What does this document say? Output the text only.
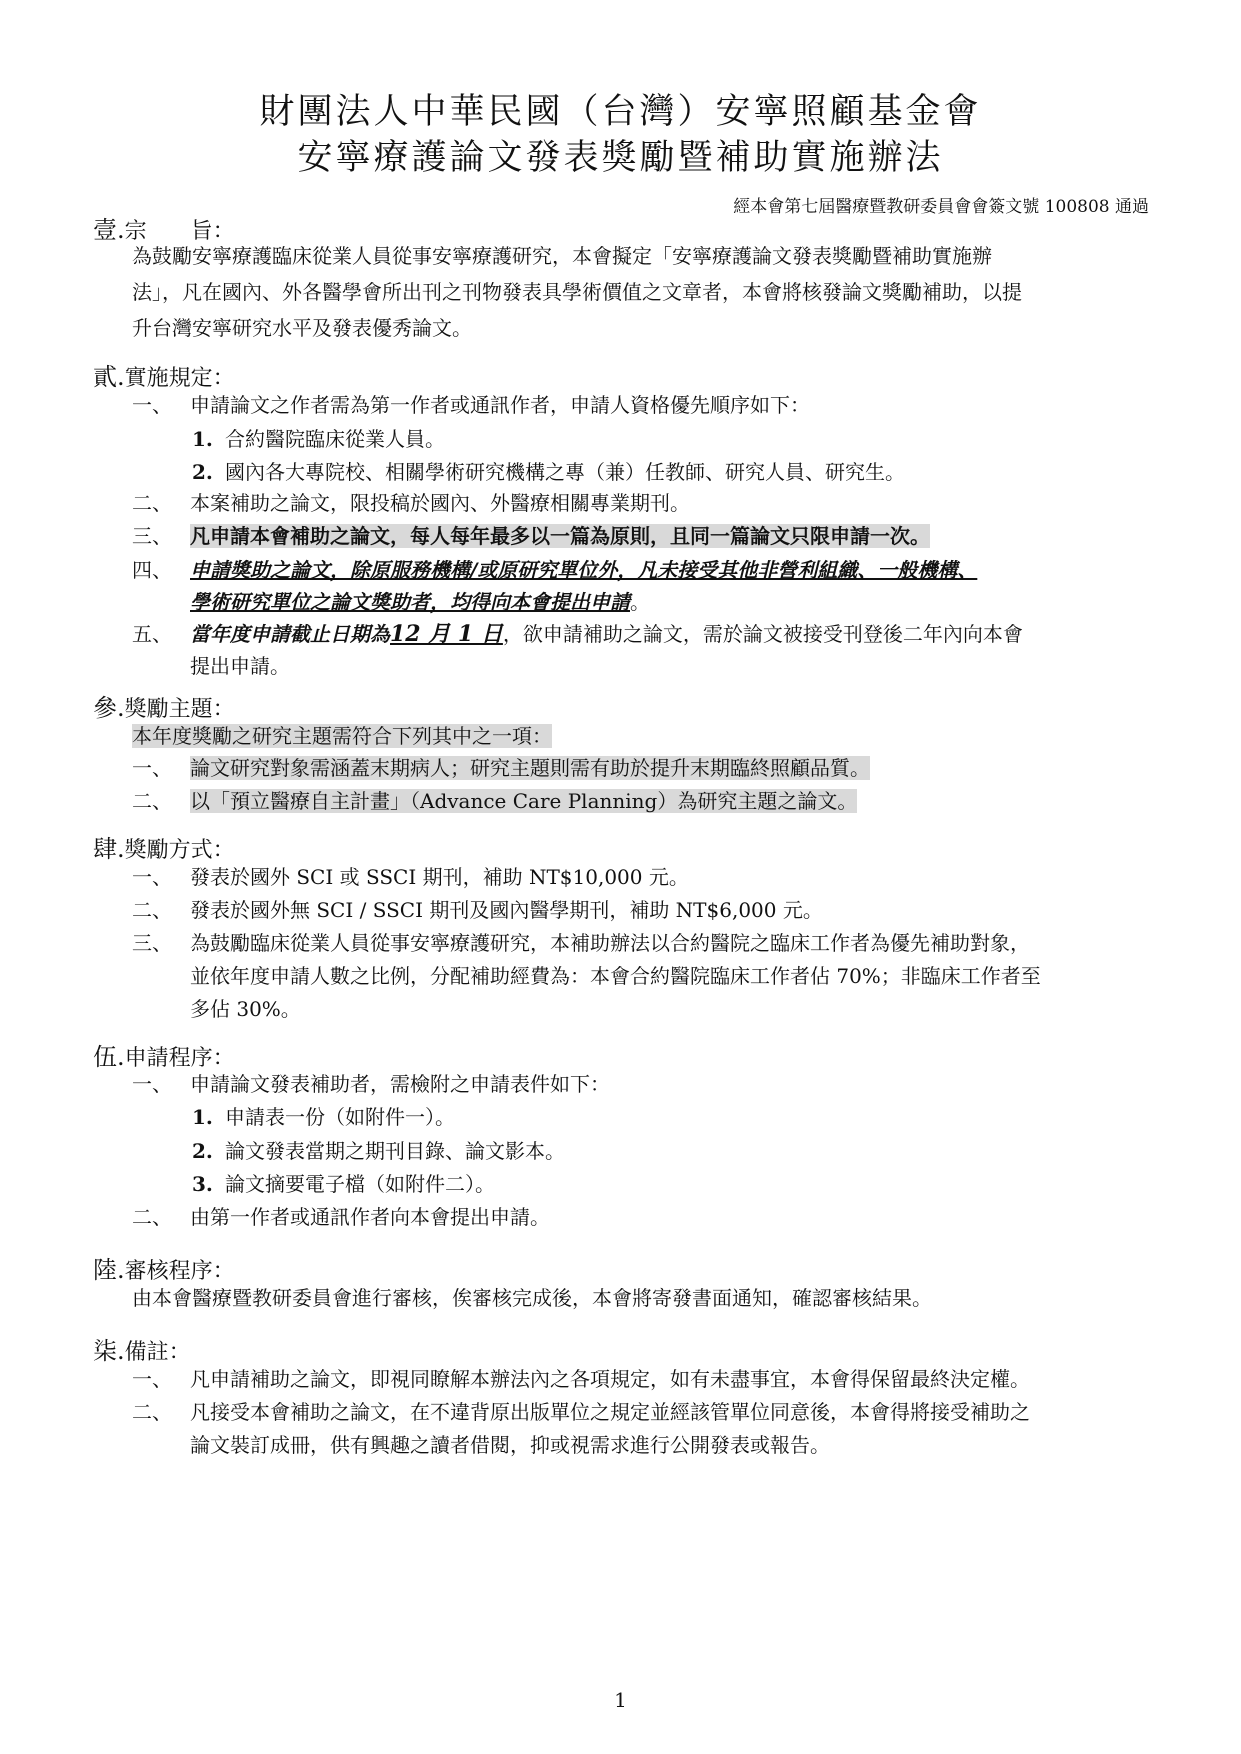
財團法人中華民國（台灣）安寧照顧基金會
安寧療護論文發表獎勵暨補助實施辦法
經本會第七屆醫療暨教研委員會會簽文號 100808 通過
壹.宗　　旨：
為鼓勵安寧療護臨床從業人員從事安寧療護研究，本會擬定「安寧療護論文發表獎勵暨補助實施辦
法」，凡在國內、外各醫學會所出刊之刊物發表具學術價值之文章者，本會將核發論文獎勵補助，以提
升台灣安寧研究水平及發表優秀論文。
貳.實施規定：
一、 申請論文之作者需為第一作者或通訊作者，申請人資格優先順序如下：
1. 合約醫院臨床從業人員。
2. 國內各大專院校、相關學術研究機構之專（兼）任教師、研究人員、研究生。
二、 本案補助之論文，限投稿於國內、外醫療相關專業期刊。
三、 凡申請本會補助之論文，每人每年最多以一篇為原則，且同一篇論文只限申請一次。
四、 申請獎助之論文，除原服務機構/或原研究單位外，凡未接受其他非營利組織、一般機構、
學術研究單位之論文獎助者，均得向本會提出申請。
五、 當年度申請截止日期為12 月 1 日，欲申請補助之論文，需於論文被接受刊登後二年內向本會
提出申請。
參.獎勵主題：
本年度獎勵之研究主題需符合下列其中之一項：
一、 論文研究對象需涵蓋末期病人；研究主題則需有助於提升末期臨終照顧品質。
二、 以「預立醫療自主計畫」（Advance Care Planning）為研究主題之論文。
肆.獎勵方式：
一、 發表於國外 SCI 或 SSCI 期刊，補助 NT$10,000 元。
二、 發表於國外無 SCI / SSCI 期刊及國內醫學期刊，補助 NT$6,000 元。
三、 為鼓勵臨床從業人員從事安寧療護研究，本補助辦法以合約醫院之臨床工作者為優先補助對象，
並依年度申請人數之比例，分配補助經費為：本會合約醫院臨床工作者佔 70%；非臨床工作者至
多佔 30%。
伍.申請程序：
一、 申請論文發表補助者，需檢附之申請表件如下：
1. 申請表一份（如附件一）。
2. 論文發表當期之期刊目錄、論文影本。
3. 論文摘要電子檔（如附件二）。
二、 由第一作者或通訊作者向本會提出申請。
陸.審核程序：
由本會醫療暨教研委員會進行審核，俟審核完成後，本會將寄發書面通知，確認審核結果。
柒.備註：
一、 凡申請補助之論文，即視同瞭解本辦法內之各項規定，如有未盡事宜，本會得保留最終決定權。
二、 凡接受本會補助之論文，在不違背原出版單位之規定並經該管單位同意後，本會得將接受補助之
論文裝訂成冊，供有興趣之讀者借閱，抑或視需求進行公開發表或報告。
1
